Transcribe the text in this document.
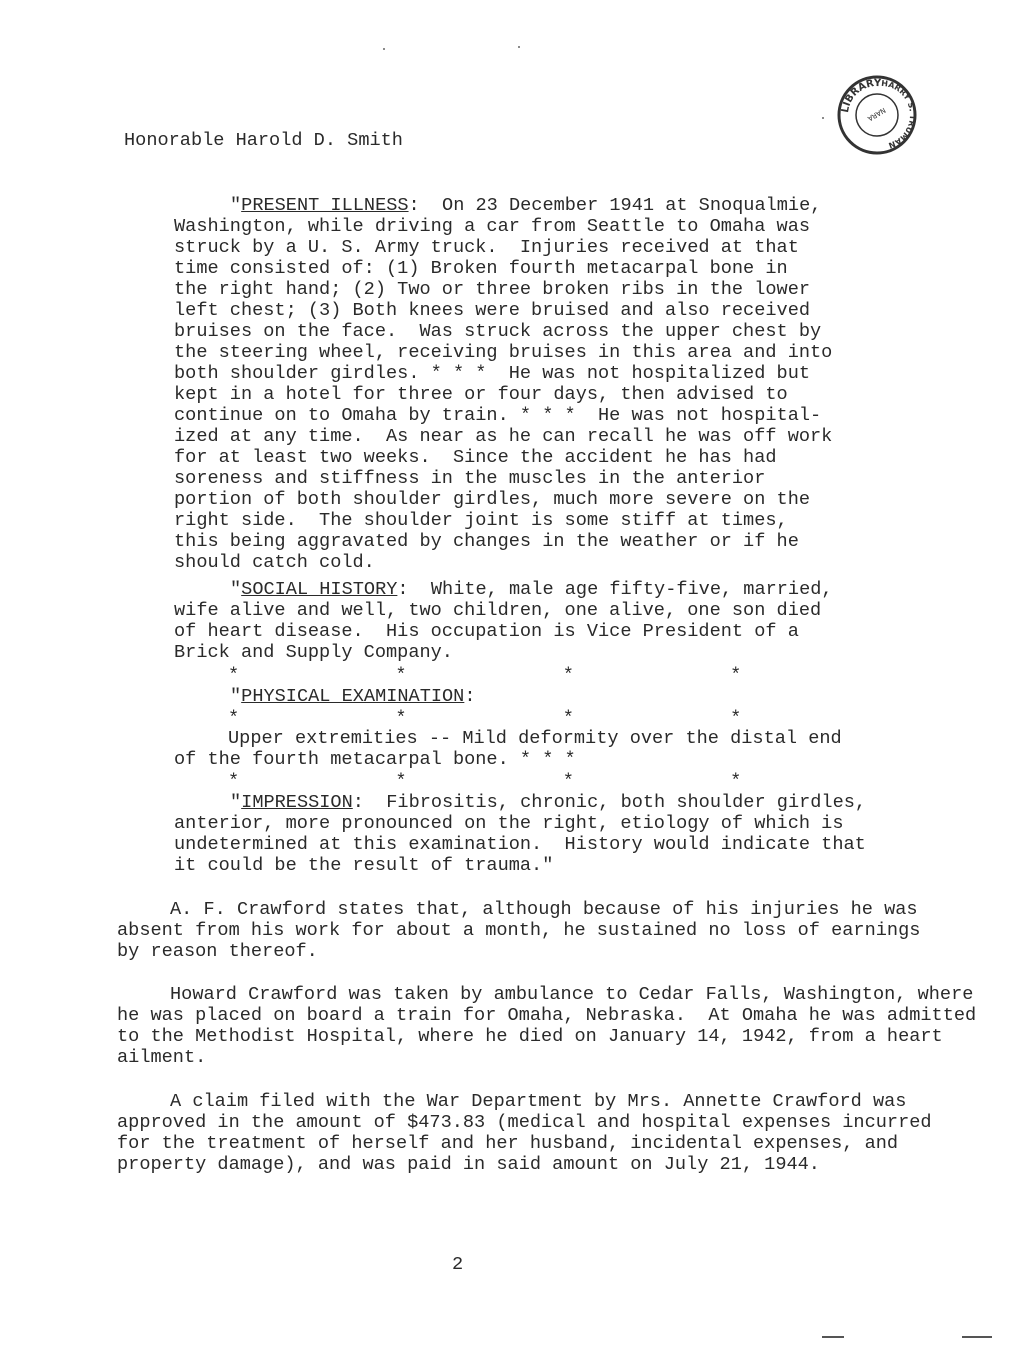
LIBRARY HARRY S. TRUMAN
NARA
Honorable Harold D. Smith
"PRESENT ILLNESS:  On 23 December 1941 at Snoqualmie,
Washington, while driving a car from Seattle to Omaha was
struck by a U. S. Army truck.  Injuries received at that
time consisted of: (1) Broken fourth metacarpal bone in
the right hand; (2) Two or three broken ribs in the lower
left chest; (3) Both knees were bruised and also received
bruises on the face.  Was struck across the upper chest by
the steering wheel, receiving bruises in this area and into
both shoulder girdles. * * *  He was not hospitalized but
kept in a hotel for three or four days, then advised to
continue on to Omaha by train. * * *  He was not hospital-
ized at any time.  As near as he can recall he was off work
for at least two weeks.  Since the accident he has had
soreness and stiffness in the muscles in the anterior
portion of both shoulder girdles, much more severe on the
right side.  The shoulder joint is some stiff at times,
this being aggravated by changes in the weather or if he
should catch cold.
"SOCIAL HISTORY:  White, male age fifty-five, married,
wife alive and well, two children, one alive, one son died
of heart disease.  His occupation is Vice President of a
Brick and Supply Company.
*              *              *              *
"PHYSICAL EXAMINATION:
*              *              *              *
Upper extremities -- Mild deformity over the distal end
of the fourth metacarpal bone. * * *
*              *              *              *
"IMPRESSION:  Fibrositis, chronic, both shoulder girdles,
anterior, more pronounced on the right, etiology of which is
undetermined at this examination.  History would indicate that
it could be the result of trauma."
A. F. Crawford states that, although because of his injuries he was
absent from his work for about a month, he sustained no loss of earnings
by reason thereof.
Howard Crawford was taken by ambulance to Cedar Falls, Washington, where
he was placed on board a train for Omaha, Nebraska.  At Omaha he was admitted
to the Methodist Hospital, where he died on January 14, 1942, from a heart
ailment.
A claim filed with the War Department by Mrs. Annette Crawford was
approved in the amount of $473.83 (medical and hospital expenses incurred
for the treatment of herself and her husband, incidental expenses, and
property damage), and was paid in said amount on July 21, 1944.
2
